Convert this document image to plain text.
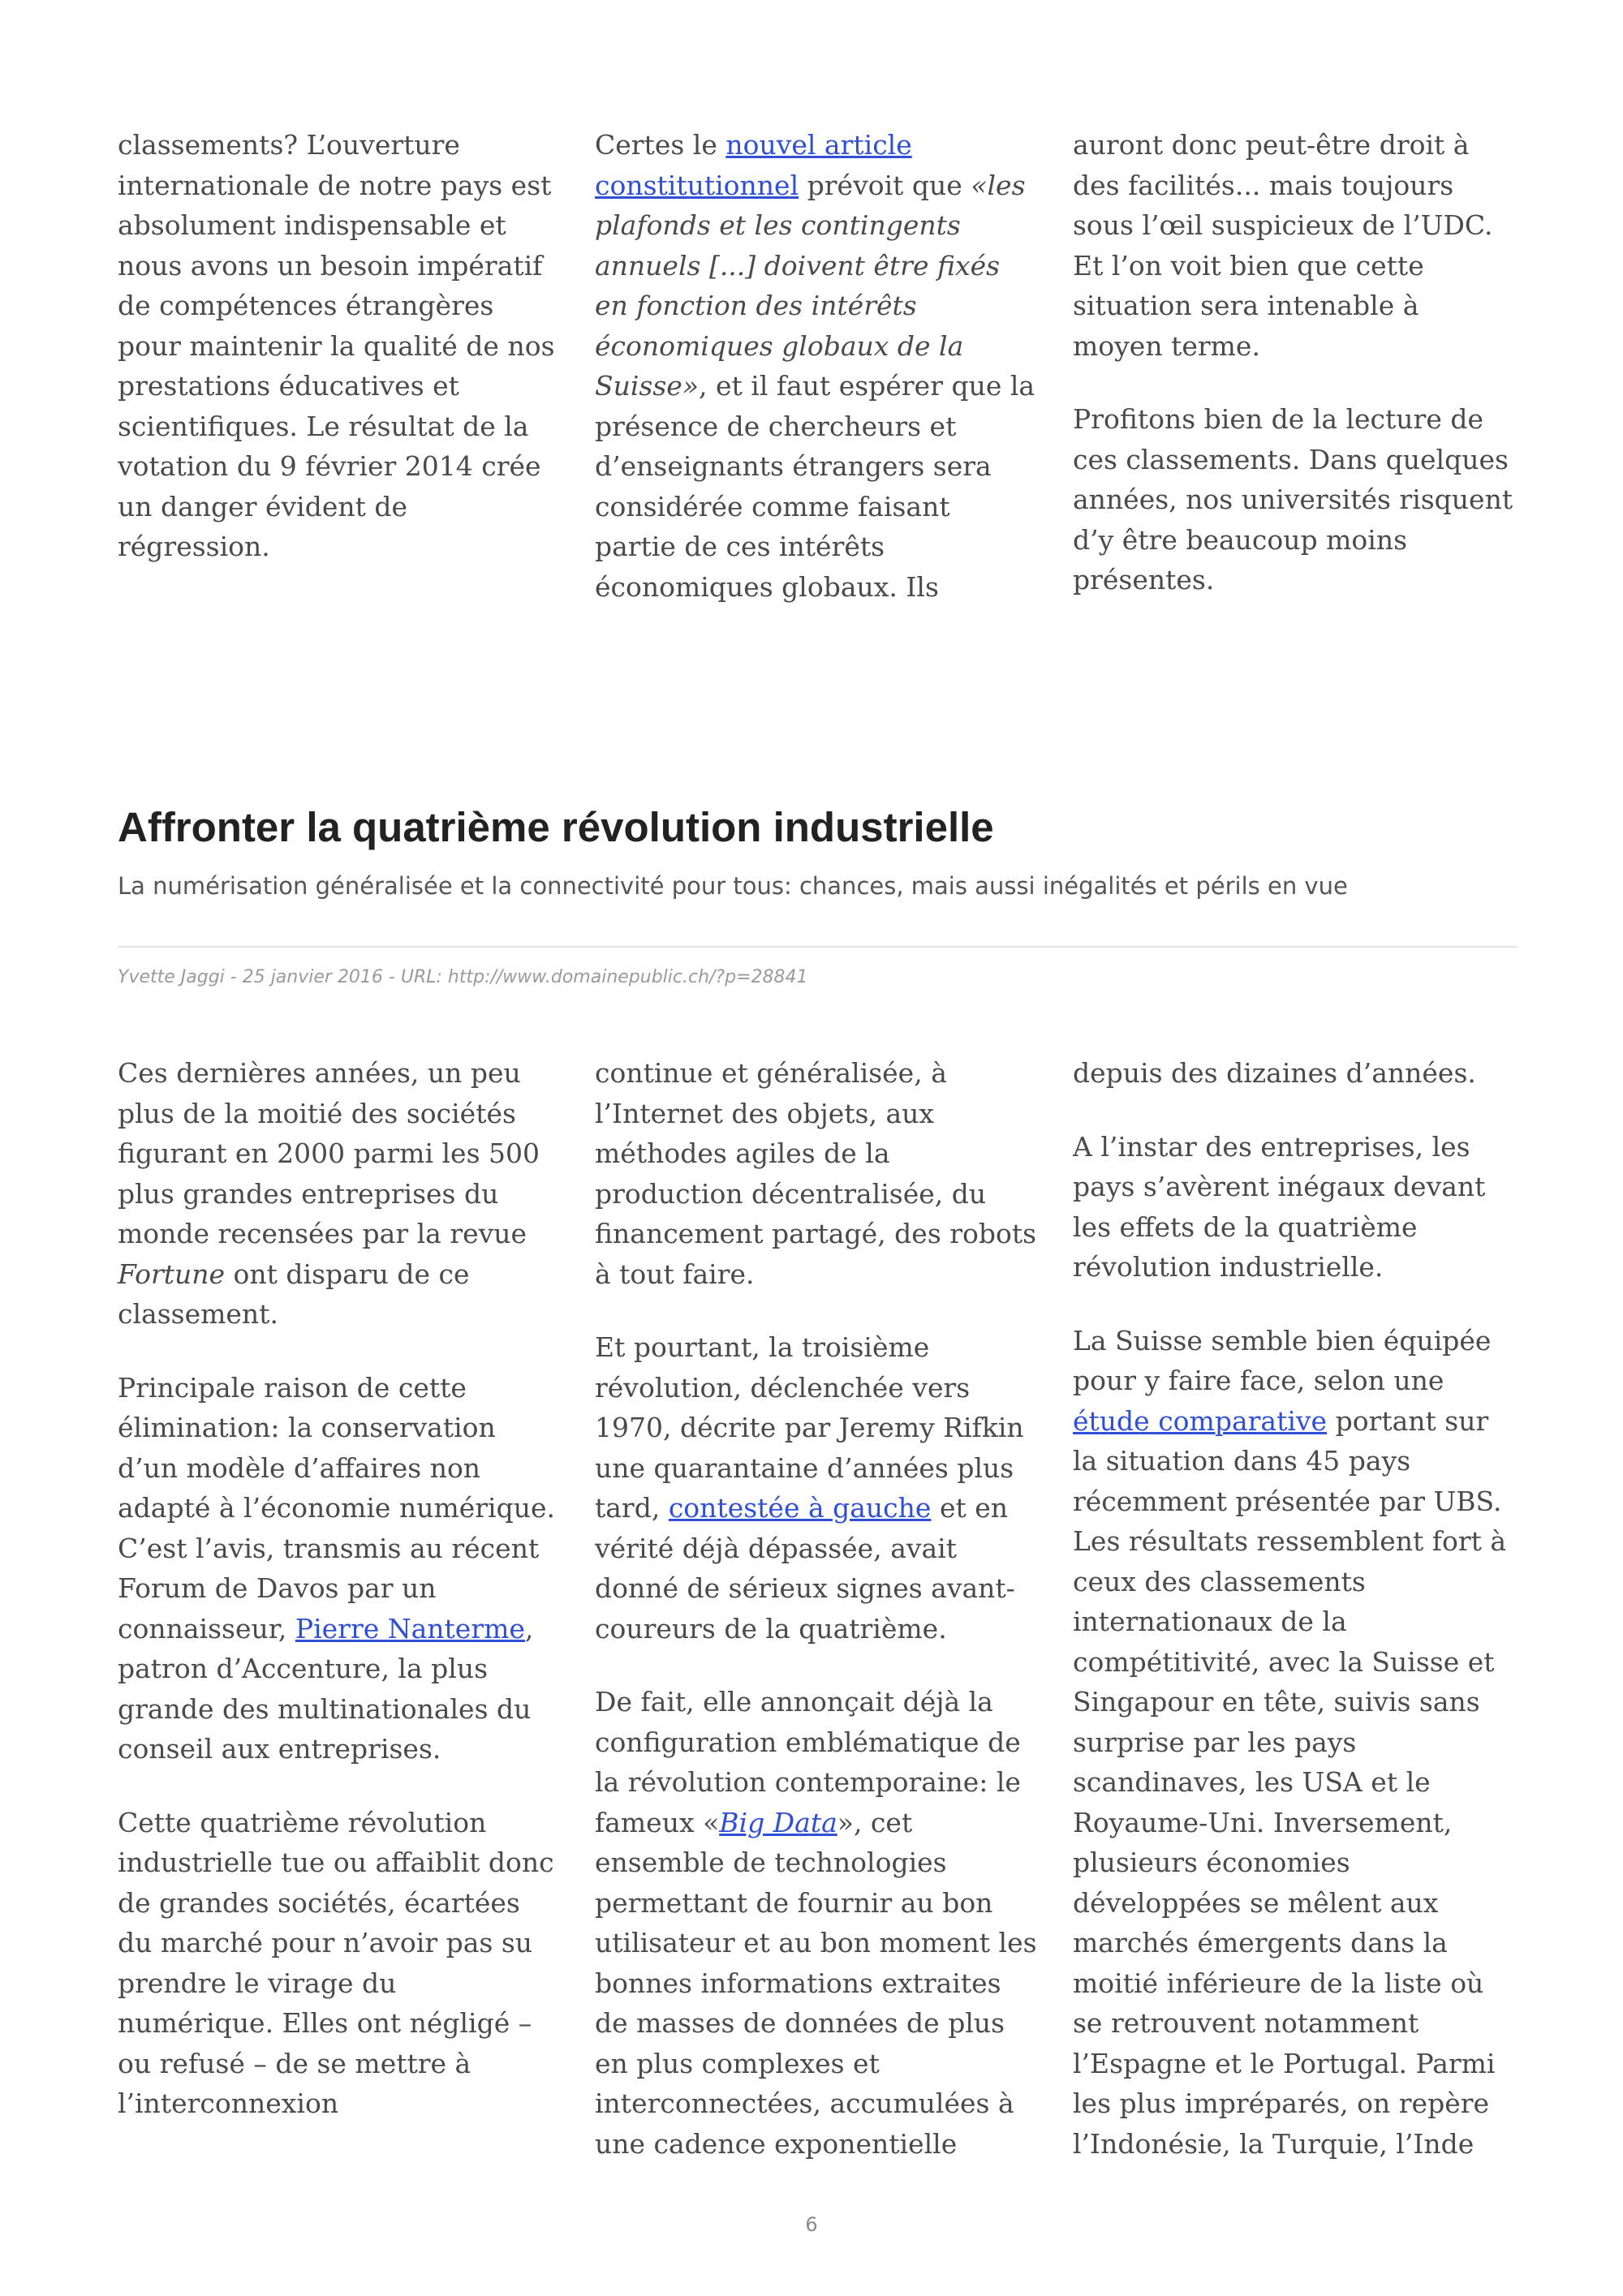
classements? L’ouverture internationale de notre pays est absolument indispensable et nous avons un besoin impératif de compétences étrangères pour maintenir la qualité de nos prestations éducatives et scientifiques. Le résultat de la votation du 9 février 2014 crée un danger évident de régression.

Certes le nouvel article constitutionnel prévoit que «les plafonds et les contingents annuels [...] doivent être fixés en fonction des intérêts économiques globaux de la Suisse», et il faut espérer que la présence de chercheurs et d’enseignants étrangers sera considérée comme faisant partie de ces intérêts économiques globaux. Ils

auront donc peut-être droit à des facilités... mais toujours sous l’œil suspicieux de l’UDC. Et l’on voit bien que cette situation sera intenable à moyen terme.

Profitons bien de la lecture de ces classements. Dans quelques années, nos universités risquent d’y être beaucoup moins présentes.

Affronter la quatrième révolution industrielle

La numérisation généralisée et la connectivité pour tous: chances, mais aussi inégalités et périls en vue

Yvette Jaggi - 25 janvier 2016 - URL: http://www.domainepublic.ch/?p=28841

Ces dernières années, un peu plus de la moitié des sociétés figurant en 2000 parmi les 500 plus grandes entreprises du monde recensées par la revue Fortune ont disparu de ce classement.

Principale raison de cette élimination: la conservation d’un modèle d’affaires non adapté à l’économie numérique. C’est l’avis, transmis au récent Forum de Davos par un connaisseur, Pierre Nanterme, patron d’Accenture, la plus grande des multinationales du conseil aux entreprises.

Cette quatrième révolution industrielle tue ou affaiblit donc de grandes sociétés, écartées du marché pour n’avoir pas su prendre le virage du numérique. Elles ont négligé – ou refusé – de se mettre à l’interconnexion

continue et généralisée, à l’Internet des objets, aux méthodes agiles de la production décentralisée, du financement partagé, des robots à tout faire.

Et pourtant, la troisième révolution, déclenchée vers 1970, décrite par Jeremy Rifkin une quarantaine d’années plus tard, contestée à gauche et en vérité déjà dépassée, avait donné de sérieux signes avant-coureurs de la quatrième.

De fait, elle annonçait déjà la configuration emblématique de la révolution contemporaine: le fameux «Big Data», cet ensemble de technologies permettant de fournir au bon utilisateur et au bon moment les bonnes informations extraites de masses de données de plus en plus complexes et interconnectées, accumulées à une cadence exponentielle

depuis des dizaines d’années.

A l’instar des entreprises, les pays s’avèrent inégaux devant les effets de la quatrième révolution industrielle.

La Suisse semble bien équipée pour y faire face, selon une étude comparative portant sur la situation dans 45 pays récemment présentée par UBS. Les résultats ressemblent fort à ceux des classements internationaux de la compétitivité, avec la Suisse et Singapour en tête, suivis sans surprise par les pays scandinaves, les USA et le Royaume-Uni. Inversement, plusieurs économies développées se mêlent aux marchés émergents dans la moitié inférieure de la liste où se retrouvent notamment l’Espagne et le Portugal. Parmi les plus impréparés, on repère l’Indonésie, la Turquie, l’Inde

6
